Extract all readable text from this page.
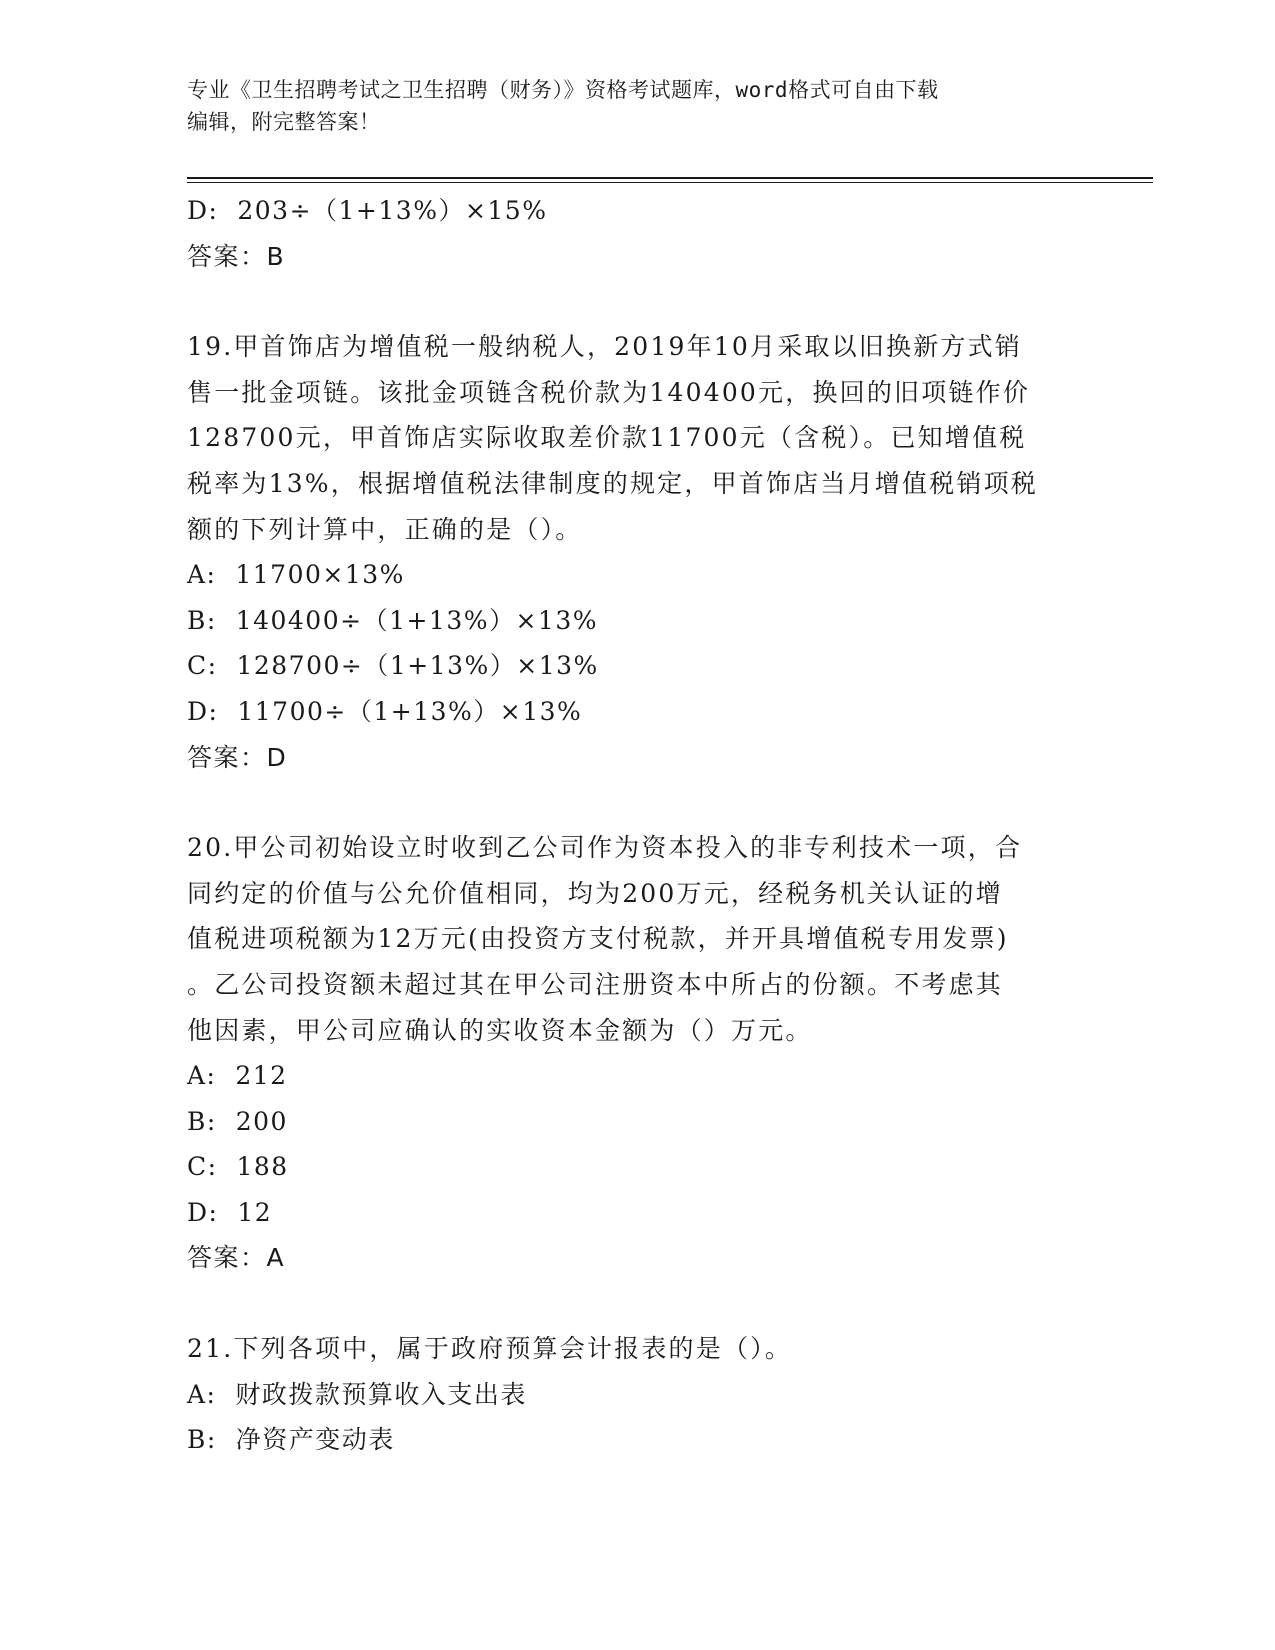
专业《卫生招聘考试之卫生招聘（财务）》资格考试题库，word格式可自由下载
编辑，附完整答案！

D:  203÷（1+13%）×15%

答案：B

19.甲首饰店为增值税一般纳税人，2019年10月采取以旧换新方式销

售一批金项链。该批金项链含税价款为140400元，换回的旧项链作价

128700元，甲首饰店实际收取差价款11700元（含税）。已知增值税

税率为13%，根据增值税法律制度的规定，甲首饰店当月增值税销项税

额的下列计算中，正确的是（）。

A:  11700×13%

B:  140400÷（1+13%）×13%

C:  128700÷（1+13%）×13%

D:  11700÷（1+13%）×13%

答案：D

20.甲公司初始设立时收到乙公司作为资本投入的非专利技术一项，合

同约定的价值与公允价值相同，均为200万元，经税务机关认证的增

值税进项税额为12万元(由投资方支付税款，并开具增值税专用发票)

。乙公司投资额未超过其在甲公司注册资本中所占的份额。不考虑其

他因素，甲公司应确认的实收资本金额为（）万元。

A:  212

B:  200

C:  188

D:  12

答案：A

21.下列各项中，属于政府预算会计报表的是（）。

A:  财政拨款预算收入支出表

B:  净资产变动表
